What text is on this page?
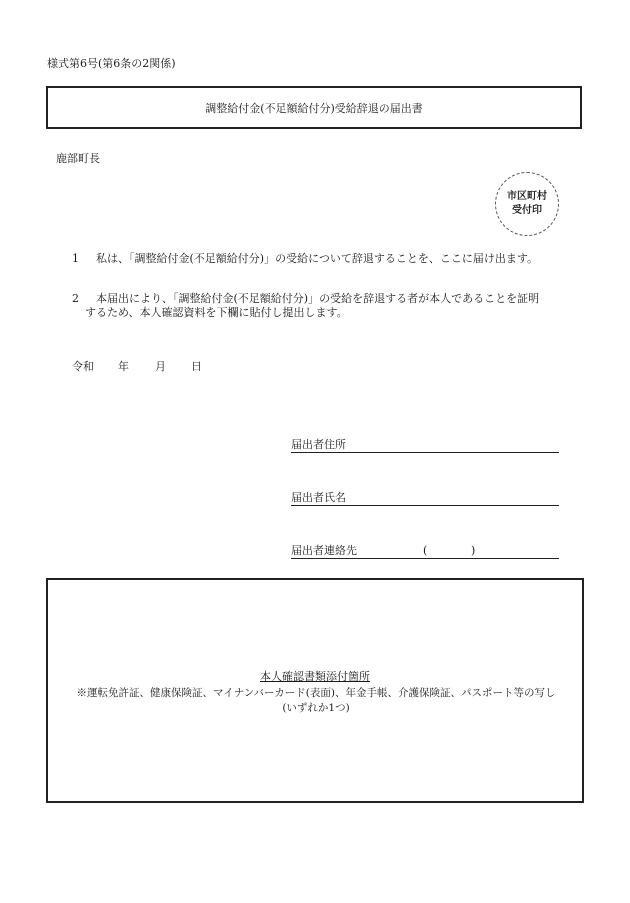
様式第6号(第6条の2関係)
調整給付金(不足額給付分)受給辞退の届出書
鹿部町長
市区町村
受付印
1 私は、「調整給付金(不足額給付分)」の受給について辞退することを、ここに届け出ます。
2 本届出により、「調整給付金(不足額給付分)」の受給を辞退する者が本人であることを証明
するため、本人確認資料を下欄に貼付し提出します。
令和 年 月 日
届出者住所
届出者氏名
届出者連絡先	(	)
本人確認書類添付箇所
※運転免許証、健康保険証、マイナンバーカード(表面)、年金手帳、介護保険証、パスポート等の写し
(いずれか1つ)
